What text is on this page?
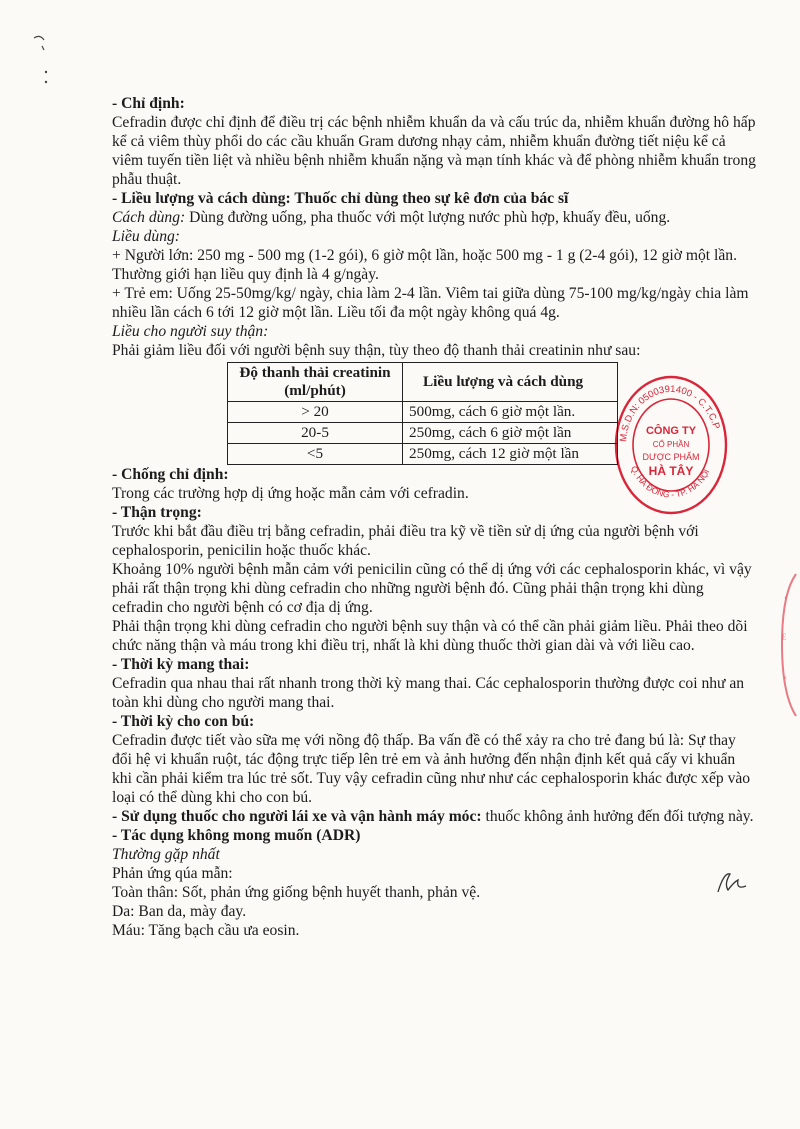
‹
Ɛ
‹
M.S.D.N: 0500391400 - C.T.C.P
Q. HÀ ĐÔNG - TP. HÀ NỘI
CÔNG TY
CỔ PHẦN
DƯỢC PHẨM
HÀ TÂY

- Chỉ định:

Cefradin được chỉ định để điều trị các bệnh nhiễm khuẩn da và cấu trúc da, nhiễm khuẩn đường hô hấp kể cả viêm thùy phổi do các cầu khuẩn Gram dương nhạy cảm, nhiễm khuẩn đường tiết niệu kể cả viêm tuyến tiền liệt và nhiều bệnh nhiễm khuẩn nặng và mạn tính khác và để phòng nhiễm khuẩn trong phẫu thuật.

- Liều lượng và cách dùng: Thuốc chỉ dùng theo sự kê đơn của bác sĩ

Cách dùng: Dùng đường uống, pha thuốc với một lượng nước phù hợp, khuấy đều, uống.

Liều dùng:

+ Người lớn: 250 mg - 500 mg (1-2 gói), 6 giờ một lần, hoặc 500 mg - 1 g (2-4 gói), 12 giờ một lần. Thường giới hạn liều quy định là 4 g/ngày.

+ Trẻ em: Uống 25-50mg/kg/ ngày, chia làm 2-4 lần. Viêm tai giữa dùng 75-100 mg/kg/ngày chia làm nhiều lần cách 6 tới 12 giờ một lần. Liều tối đa một ngày không quá 4g.

Liều cho người suy thận:

Phải giảm liều đối với người bệnh suy thận, tùy theo độ thanh thải creatinin như sau:

Độ thanh thải creatinin (ml/phút)	Liều lượng và cách dùng
> 20	500mg, cách 6 giờ một lần.
20-5	250mg, cách 6 giờ một lần
<5	250mg, cách 12 giờ một lần

- Chống chỉ định:

Trong các trường hợp dị ứng hoặc mẫn cảm với cefradin.

- Thận trọng:

Trước khi bắt đầu điều trị bằng cefradin, phải điều tra kỹ về tiền sử dị ứng của người bệnh với cephalosporin, penicilin hoặc thuốc khác.

Khoảng 10% người bệnh mẫn cảm với penicilin cũng có thể dị ứng với các cephalosporin khác, vì vậy phải rất thận trọng khi dùng cefradin cho những người bệnh đó. Cũng phải thận trọng khi dùng cefradin cho người bệnh có cơ địa dị ứng.

Phải thận trọng khi dùng cefradin cho người bệnh suy thận và có thể cần phải giảm liều. Phải theo dõi chức năng thận và máu trong khi điều trị, nhất là khi dùng thuốc thời gian dài và với liều cao.

- Thời kỳ mang thai:

Cefradin qua nhau thai rất nhanh trong thời kỳ mang thai. Các cephalosporin thường được coi như an toàn khi dùng cho người mang thai.

- Thời kỳ cho con bú:

Cefradin được tiết vào sữa mẹ với nồng độ thấp. Ba vấn đề có thể xảy ra cho trẻ đang bú là: Sự thay đổi hệ vi khuẩn ruột, tác động trực tiếp lên trẻ em và ảnh hưởng đến nhận định kết quả cấy vi khuẩn khi cần phải kiểm tra lúc trẻ sốt. Tuy vậy cefradin cũng như như các cephalosporin khác được xếp vào loại có thể dùng khi cho con bú.

- Sử dụng thuốc cho người lái xe và vận hành máy móc: thuốc không ảnh hưởng đến đối tượng này.

- Tác dụng không mong muốn (ADR)

Thường gặp nhất

Phản ứng qúa mẫn:

Toàn thân: Sốt, phản ứng giống bệnh huyết thanh, phản vệ.

Da: Ban da, mày đay.

Máu: Tăng bạch cầu ưa eosin.
